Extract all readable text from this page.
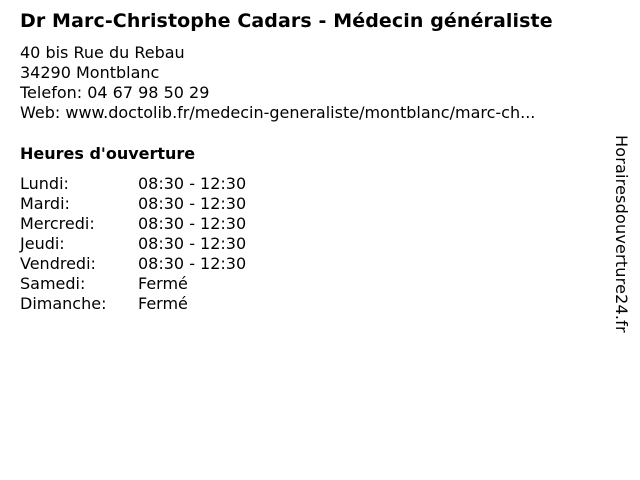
Dr Marc-Christophe Cadars - Médecin généraliste
40 bis Rue du Rebau
34290 Montblanc
Telefon: 04 67 98 50 29
Web: www.doctolib.fr/medecin-generaliste/montblanc/marc-ch...
Heures d'ouverture
Lundi:	08:30 - 12:30
Mardi:	08:30 - 12:30
Mercredi:	08:30 - 12:30
Jeudi:	08:30 - 12:30
Vendredi:	08:30 - 12:30
Samedi:	Fermé
Dimanche:	Fermé	Horairesdouverture24.fr
